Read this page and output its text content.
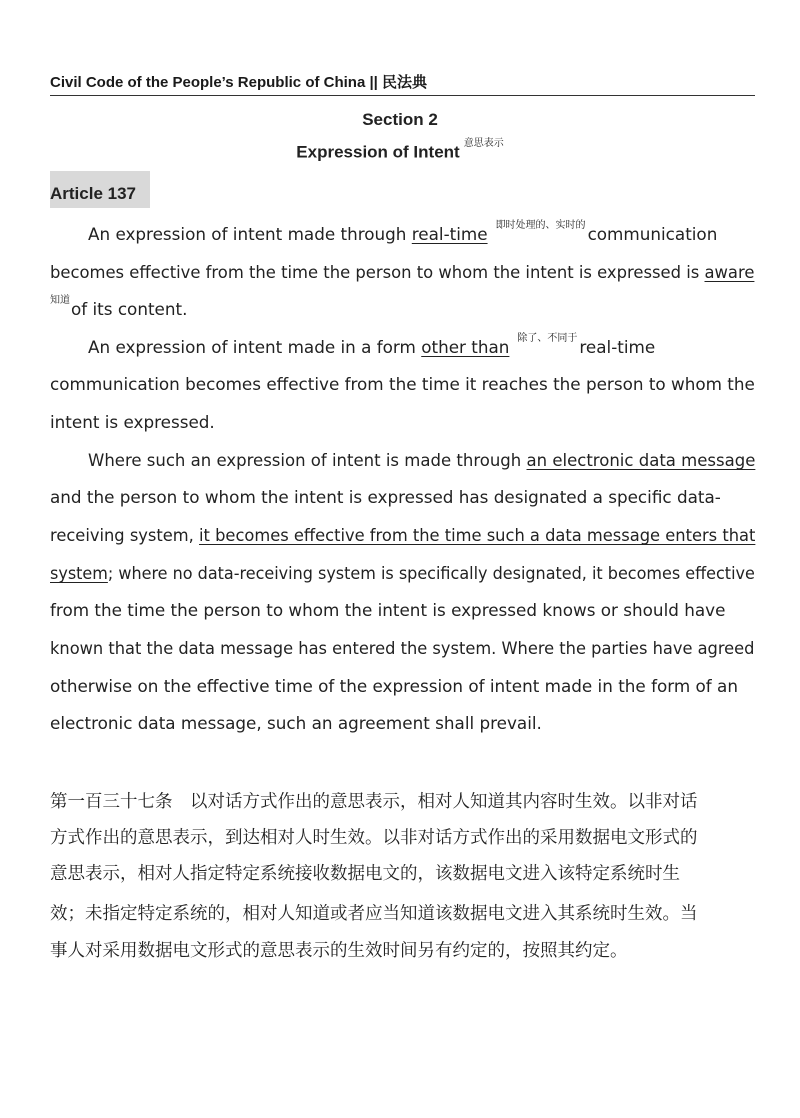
Civil Code of the People’s Republic of China || 民法典
Section 2
Expression of Intent $^{意思表示}$
Article 137
An expression of intent made through real-time $^{即时处理的、实时的}$ communication
becomes effective from the time the person to whom the intent is expressed is aware
$^{知道}$of its content.
An expression of intent made in a form other than $^{除了、不同于}$ real-time
communication becomes effective from the time it reaches the person to whom the
intent is expressed.
Where such an expression of intent is made through an electronic data message
and the person to whom the intent is expressed has designated a specific data-
receiving system, it becomes effective from the time such a data message enters that
system; where no data-receiving system is specifically designated, it becomes effective
from the time the person to whom the intent is expressed knows or should have
known that the data message has entered the system. Where the parties have agreed
otherwise on the effective time of the expression of intent made in the form of an
electronic data message, such an agreement shall prevail.
第一百三十七条　以对话方式作出的意思表示，相对人知道其内容时生效。以非对话
方式作出的意思表示，到达相对人时生效。以非对话方式作出的采用数据电文形式的
意思表示，相对人指定特定系统接收数据电文的，该数据电文进入该特定系统时生
效；未指定特定系统的，相对人知道或者应当知道该数据电文进入其系统时生效。当
事人对采用数据电文形式的意思表示的生效时间另有约定的，按照其约定。
